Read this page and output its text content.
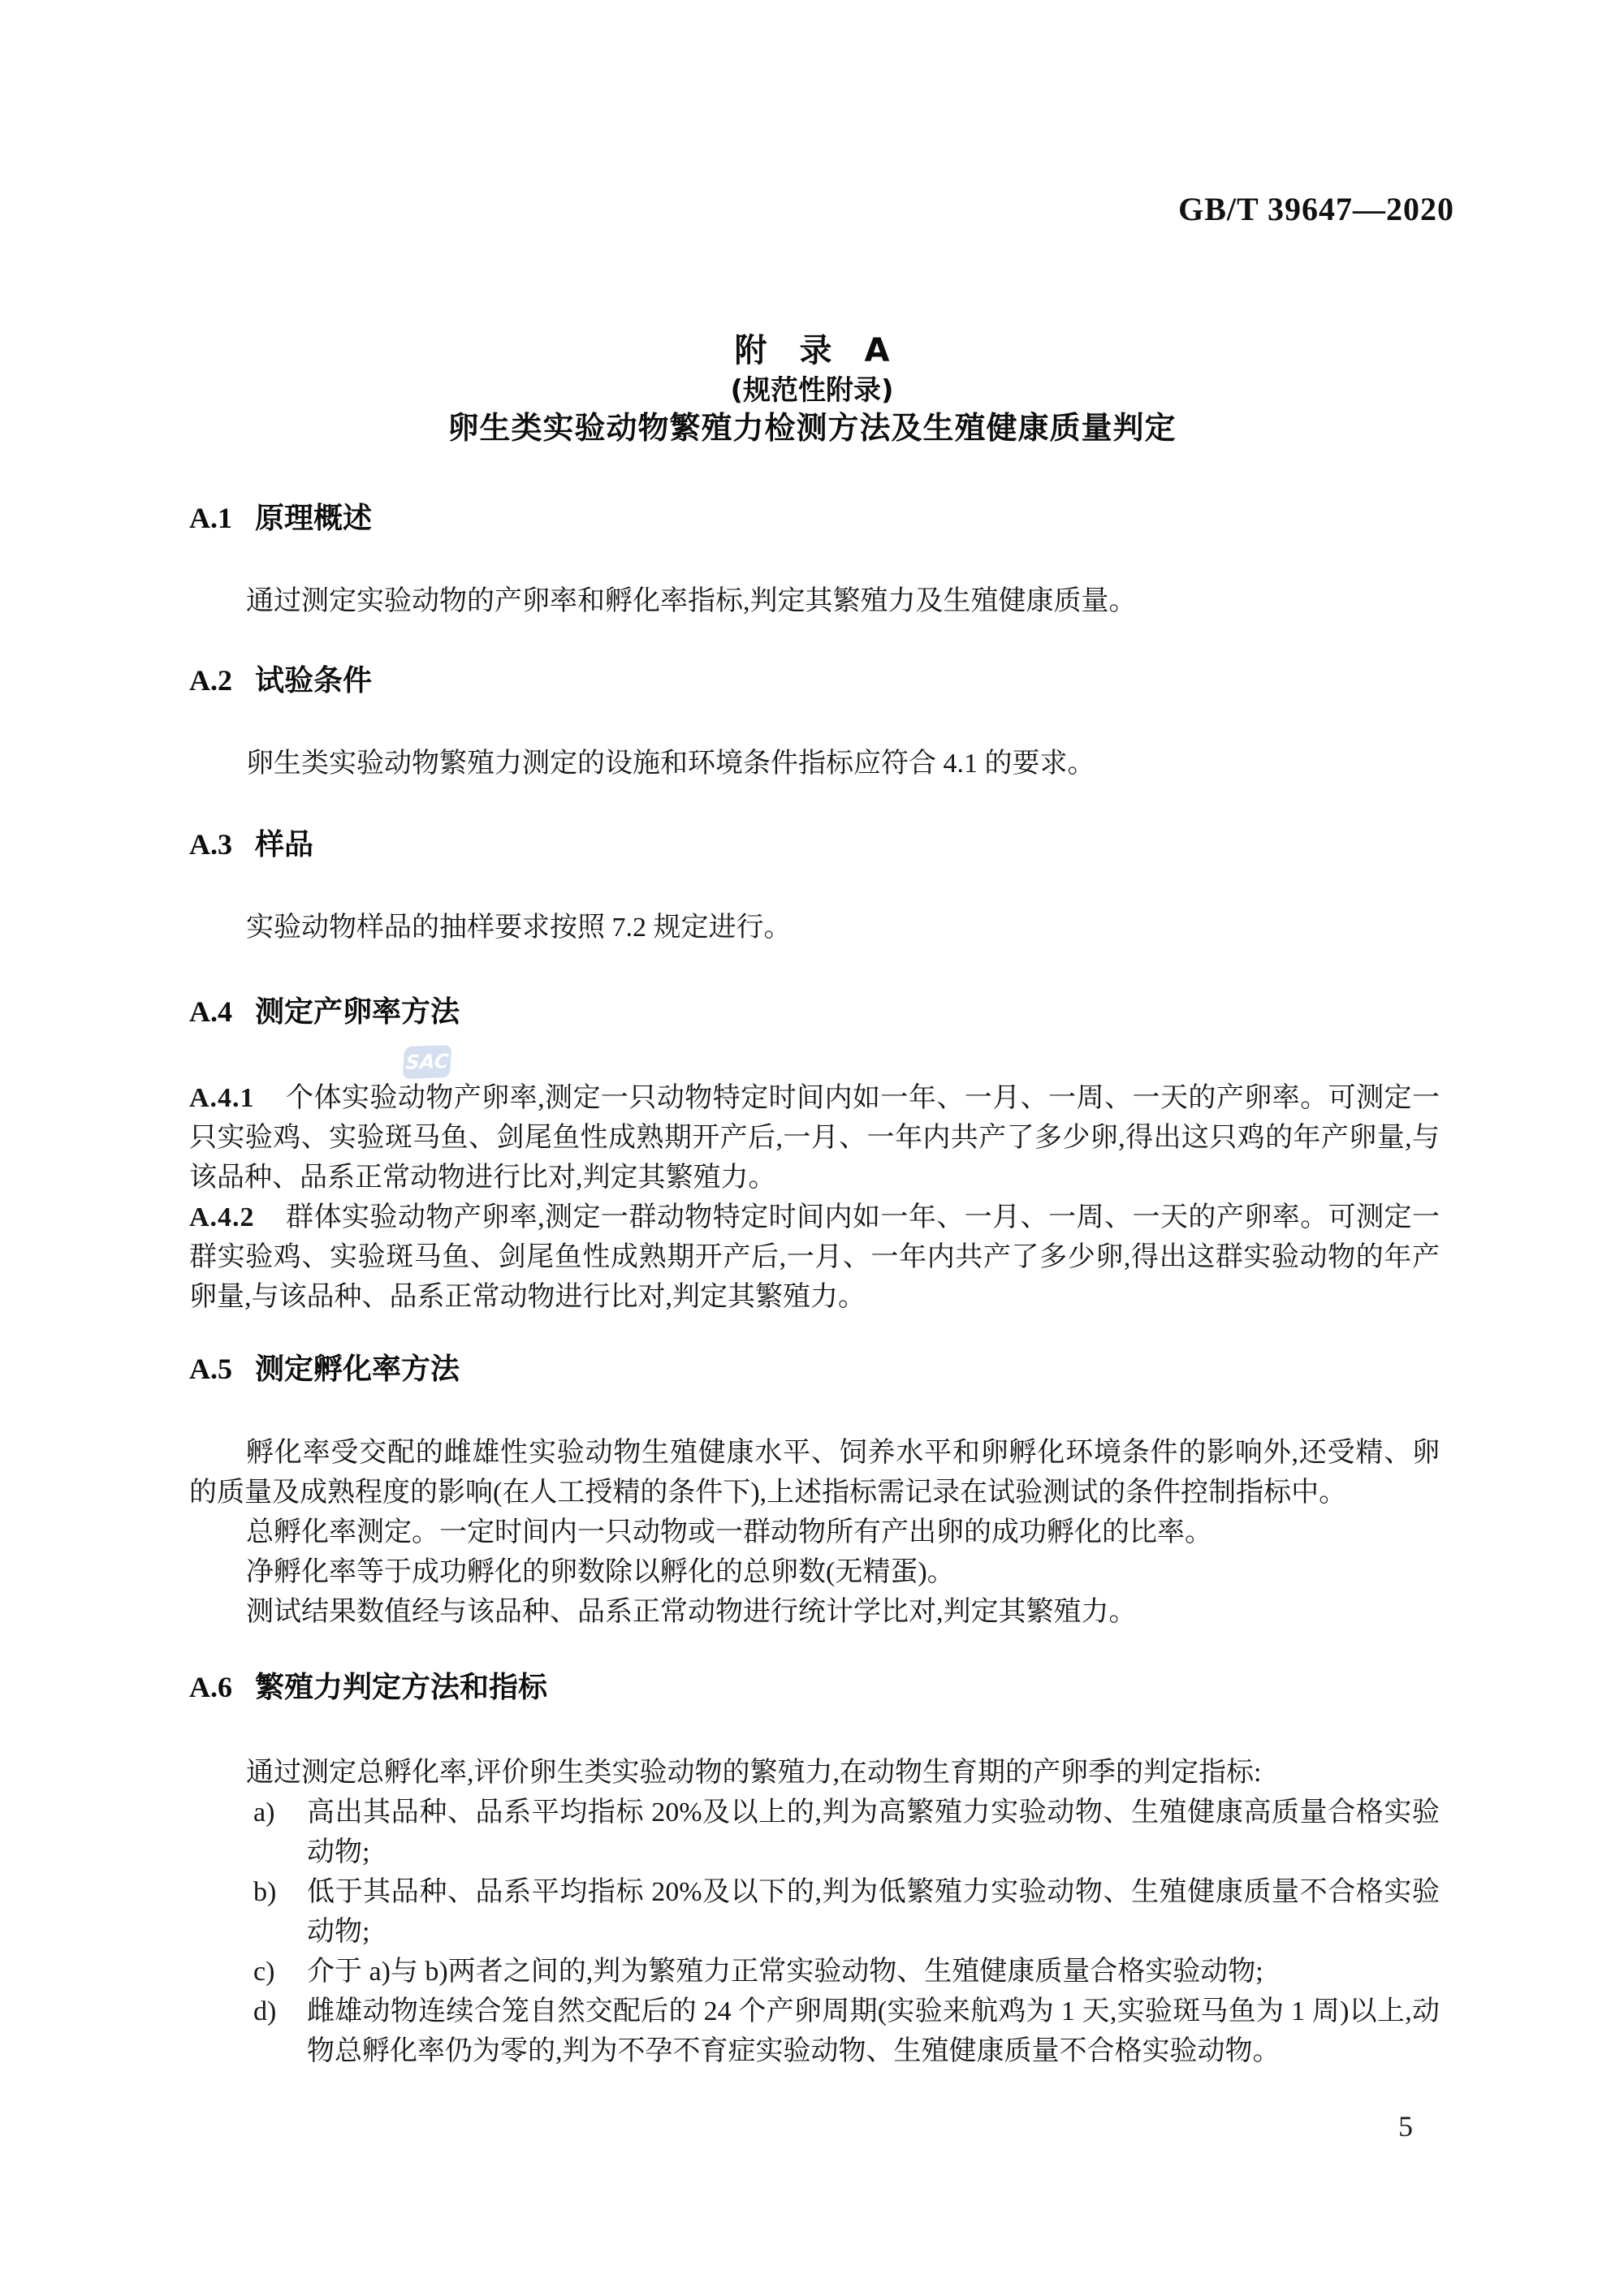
GB/T 39647—2020
SAC
附　录　A
(规范性附录)
卵生类实验动物繁殖力检测方法及生殖健康质量判定
A.1 原理概述

通过测定实验动物的产卵率和孵化率指标,判定其繁殖力及生殖健康质量。

A.2 试验条件

卵生类实验动物繁殖力测定的设施和环境条件指标应符合 4.1 的要求。

A.3 样品

实验动物样品的抽样要求按照 7.2 规定进行。

A.4 测定产卵率方法

A.4.1 个体实验动物产卵率,测定一只动物特定时间内如一年、一月、一周、一天的产卵率。可测定一只实验鸡、实验斑马鱼、剑尾鱼性成熟期开产后,一月、一年内共产了多少卵,得出这只鸡的年产卵量,与该品种、品系正常动物进行比对,判定其繁殖力。

A.4.2 群体实验动物产卵率,测定一群动物特定时间内如一年、一月、一周、一天的产卵率。可测定一群实验鸡、实验斑马鱼、剑尾鱼性成熟期开产后,一月、一年内共产了多少卵,得出这群实验动物的年产卵量,与该品种、品系正常动物进行比对,判定其繁殖力。

A.5 测定孵化率方法

孵化率受交配的雌雄性实验动物生殖健康水平、饲养水平和卵孵化环境条件的影响外,还受精、卵的质量及成熟程度的影响(在人工授精的条件下),上述指标需记录在试验测试的条件控制指标中。

总孵化率测定。一定时间内一只动物或一群动物所有产出卵的成功孵化的比率。

净孵化率等于成功孵化的卵数除以孵化的总卵数(无精蛋)。

测试结果数值经与该品种、品系正常动物进行统计学比对,判定其繁殖力。

A.6 繁殖力判定方法和指标

通过测定总孵化率,评价卵生类实验动物的繁殖力,在动物生育期的产卵季的判定指标:

a) 高出其品种、品系平均指标 20%及以上的,判为高繁殖力实验动物、生殖健康高质量合格实验动物;

b) 低于其品种、品系平均指标 20%及以下的,判为低繁殖力实验动物、生殖健康质量不合格实验动物;

c) 介于 a)与 b)两者之间的,判为繁殖力正常实验动物、生殖健康质量合格实验动物;

d) 雌雄动物连续合笼自然交配后的 24 个产卵周期(实验来航鸡为 1 天,实验斑马鱼为 1 周)以上,动物总孵化率仍为零的,判为不孕不育症实验动物、生殖健康质量不合格实验动物。

5
